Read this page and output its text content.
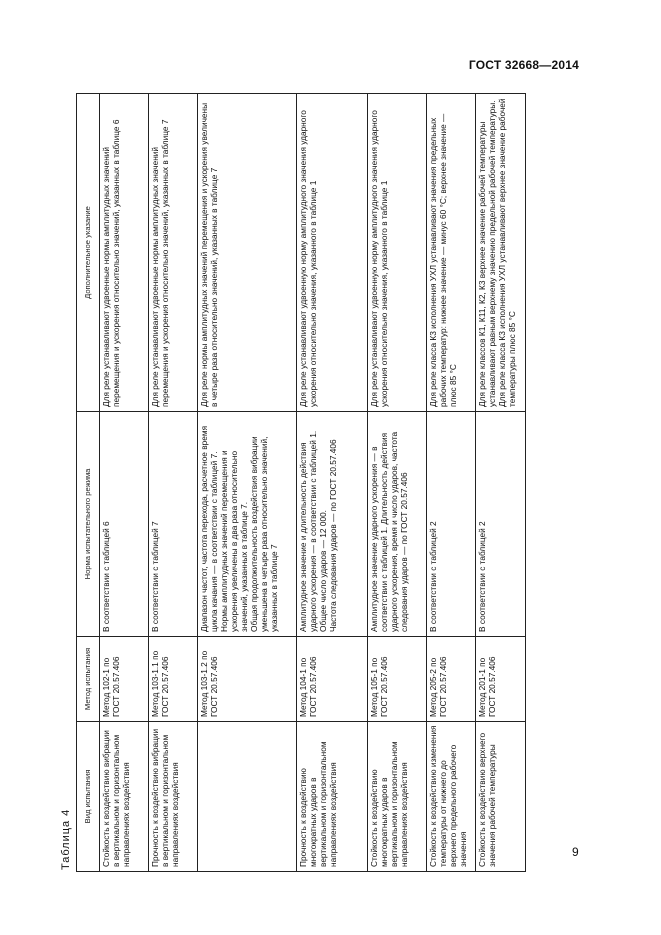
ГОСТ 32668—2014
Таблица 4
Вид испытания	Метод испытания	Норма испытательного режима	Дополнительное указание
Стойкость к воздействию вибрации в вертикальном и горизонтальном направлениях воздействия	Метод 102-1 по ГОСТ 20.57.406	В соответствии с таблицей 6	Для реле устанавливают удвоенные нормы амплитудных значений перемещения и ускорения относительно значений, указанных в таблице 6

Прочность к воздействию вибрации в вертикальном и горизонтальном направлениях воздействия	Метод 103-1.1 по ГОСТ 20.57.406	В соответствии с таблицей 7	Для реле устанавливают удвоенные нормы амплитудных значений перемещения и ускорения относительно значений, указанных в таблице 7

	Метод 103-1.2 по ГОСТ 20.57.406	Диапазон частот, частота перехода, расчетное время цикла качания — в соответствии с таблицей 7. Нормы амплитудных значений перемещения и ускорения увеличены в два раза относительно значений, указанных в таблице 7. Общая продолжительность воздействия вибрации уменьшена в четыре раза относительно значений, указанных в таблице 7	Для реле нормы амплитудных значений перемещения и ускорения увеличены в четыре раза относительно значений, указанных в таблице 7

Прочность к воздействию многократных ударов в вертикальном и горизонтальном направлениях воздействия	Метод 104-1 по ГОСТ 20.57.406	Амплитудное значение и длительность действия ударного ускорения — в соответствии с таблицей 1. Общее число ударов — 12 000. Частота следования ударов — по ГОСТ 20.57.406	Для реле устанавливают удвоенную норму амплитудного значения ударного ускорения относительно значения, указанного в таблице 1

Стойкость к воздействию многократных ударов в вертикальном и горизонтальном направлениях воздействия	Метод 105-1 по ГОСТ 20.57.406	Амплитудное значение ударного ускорения — в соответствии с таблицей 1. Длительность действия ударного ускорения, время и число ударов, частота следования ударов — по ГОСТ 20.57.406	Для реле устанавливают удвоенную норму амплитудного значения ударного ускорения относительно значения, указанного в таблице 1

Стойкость к воздействию изменения температуры от нижнего до верхнего предельного рабочего значения	Метод 205-2 по ГОСТ 20.57.406	В соответствии с таблицей 2	Для реле класса К3 исполнения УХЛ устанавливают значения предельных рабочих температур: нижнее значение — минус 60 °С; верхнее значение — плюс 85 °С

Стойкость к воздействию верхнего значения рабочей температуры	Метод 201-1 по ГОСТ 20.57.406	В соответствии с таблицей 2	Для реле классов К1, К11, К2, К3 верхнее значение рабочей температуры устанавливают равным верхнему значению предельной рабочей температуры. Для реле класса К3 исполнения УХЛ устанавливают верхнее значение рабочей температуры плюс 85 °С
9
